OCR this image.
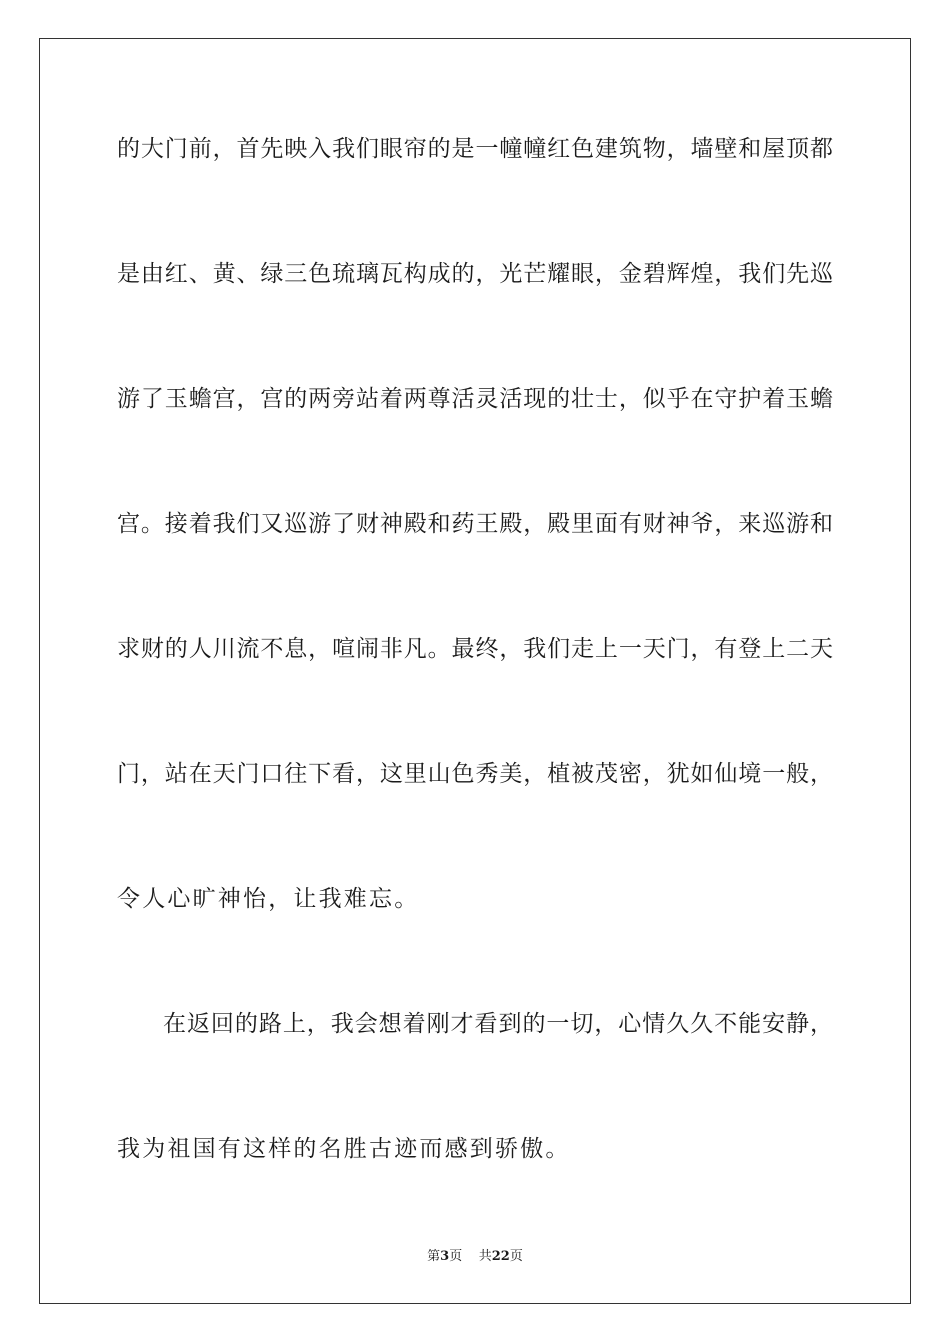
的大门前，首先映入我们眼帘的是一幢幢红色建筑物，墙壁和屋顶都
是由红、黄、绿三色琉璃瓦构成的，光芒耀眼，金碧辉煌，我们先巡
游了玉蟾宫，宫的两旁站着两尊活灵活现的壮士，似乎在守护着玉蟾
宫。接着我们又巡游了财神殿和药王殿，殿里面有财神爷，来巡游和
求财的人川流不息，喧闹非凡。最终，我们走上一天门，有登上二天
门，站在天门口往下看，这里山色秀美，植被茂密，犹如仙境一般，
令人心旷神怡，让我难忘。
在返回的路上，我会想着刚才看到的一切，心情久久不能安静，
我为祖国有这样的名胜古迹而感到骄傲。
第3页 共22页
